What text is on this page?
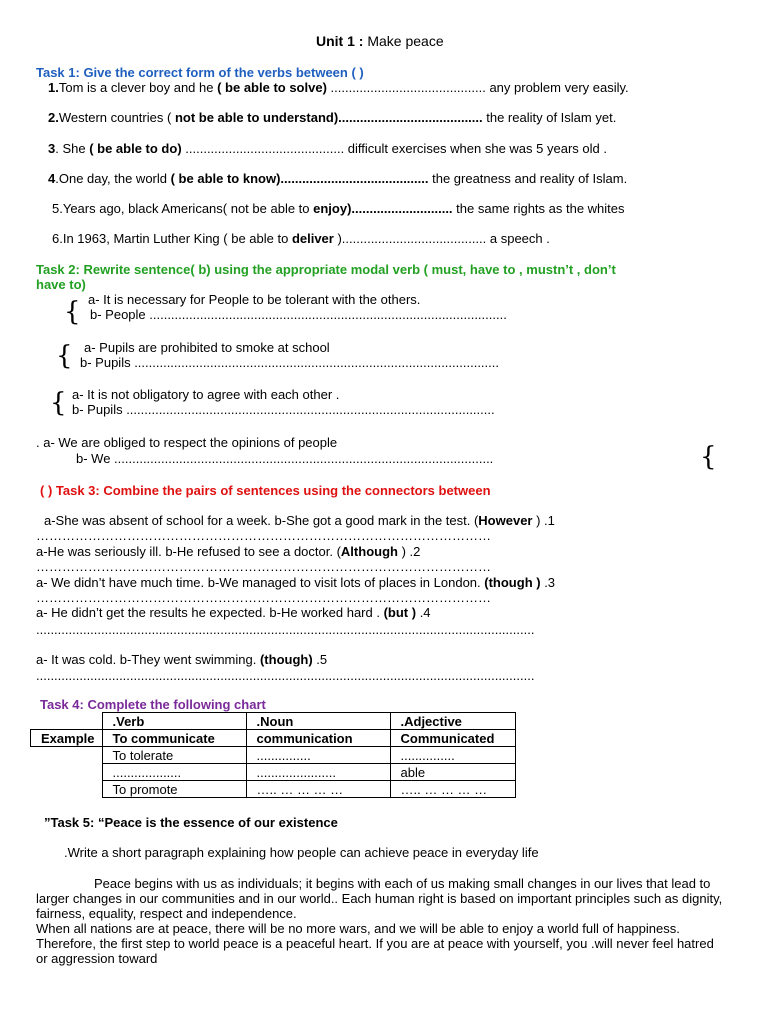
Unit 1 : Make peace
Task 1: Give the correct form of the verbs between ( )
1.Tom is a clever boy and he ( be able to solve) ........................................... any problem very easily.
2.Western countries ( not be able to understand)........................................ the reality of Islam yet.
3. She ( be able to do) ............................................ difficult exercises when she was 5 years old .
4.One day, the world ( be able to know)......................................... the greatness and reality of Islam.
5.Years ago, black Americans( not be able to enjoy)............................ the same rights as the whites
6.In 1963, Martin Luther King ( be able to deliver )........................................ a speech .
Task 2: Rewrite sentence( b) using the appropriate modal verb ( must, have to , mustn’t , don’t
have to)
{ a- It is necessary for People to be tolerant with the others.
b- People ...................................................................................................
{ a- Pupils are prohibited to smoke at school
b- Pupils .....................................................................................................
{ a- It is not obligatory to agree with each other .
b- Pupils ......................................................................................................
. a- We are obliged to respect the opinions of people
b- We .........................................................................................................	{
( ) Task 3: Combine the pairs of sentences using the connectors between
a-She was absent of school for a week. b-She got a good mark in the test. (However ) .1
……………………………………………………………………………………………
a-He was seriously ill. b-He refused to see a doctor. (Although ) .2
……………………………………………………………………………………………
a- We didn’t have much time. b-We managed to visit lots of places in London. (though ) .3
……………………………………………………………………………………………
a- He didn’t get the results he expected. b-He worked hard . (but ) .4
..........................................................................................................................................
a- It was cold. b-They went swimming. (though) .5
..........................................................................................................................................
Task 4: Complete the following chart
	.Verb	.Noun	.Adjective
Example	To communicate	communication	Communicated
	To tolerate	...............	...............
	...................	......................	able
	To promote	….. … … … …	….. … … … …
”Task 5: “Peace is the essence of our existence
.Write a short paragraph explaining how people can achieve peace in everyday life
Peace begins with us as individuals; it begins with each of us making small changes in our lives that lead to larger changes in our communities and in our world.. Each human right is based on important principles such as dignity, fairness, equality, respect and independence.
When all nations are at peace, there will be no more wars, and we will be able to enjoy a world full of happiness. Therefore, the first step to world peace is a peaceful heart. If you are at peace with yourself, you .will never feel hatred or aggression toward
